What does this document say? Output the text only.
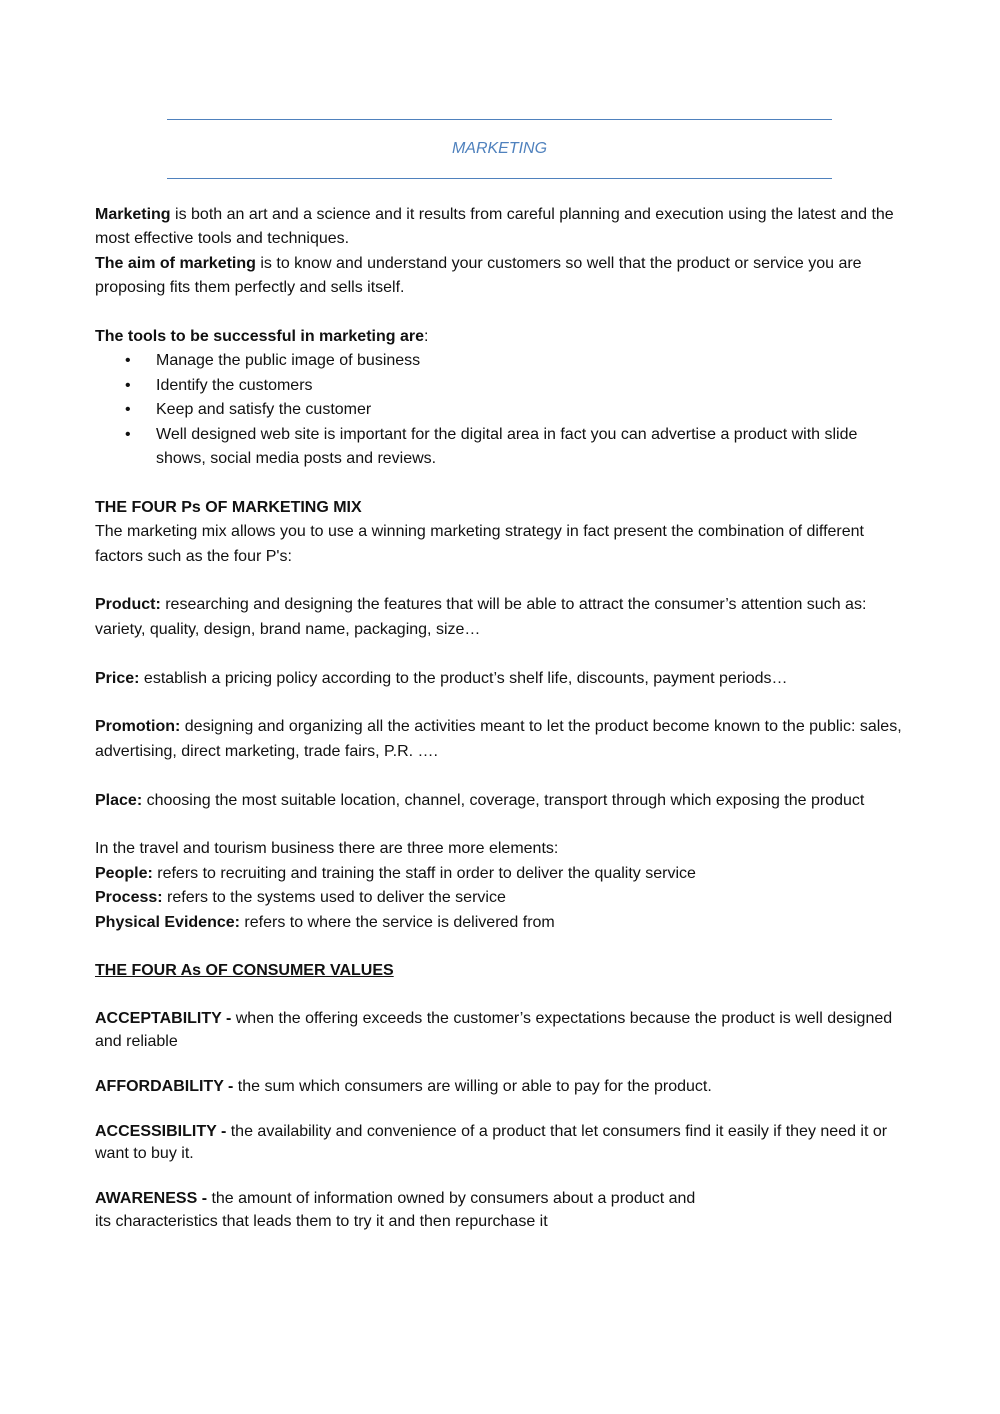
MARKETING

Marketing is both an art and a science and it results from careful planning and execution using the latest and the most effective tools and techniques.

The aim of marketing is to know and understand your customers so well that the product or service you are proposing fits them perfectly and sells itself.

The tools to be successful in marketing are:

• Manage the public image of business
• Identify the customers
• Keep and satisfy the customer
• Well designed web site is important for the digital area in fact you can advertise a product with slide shows, social media posts and reviews.

THE FOUR Ps OF MARKETING MIX

The marketing mix allows you to use a winning marketing strategy in fact present the combination of different factors such as the four P's:

Product: researching and designing the features that will be able to attract the consumer’s attention such as: variety, quality, design, brand name, packaging, size…

Price: establish a pricing policy according to the product’s shelf life, discounts, payment periods…

Promotion: designing and organizing all the activities meant to let the product become known to the public: sales, advertising, direct marketing, trade fairs, P.R. ….

Place: choosing the most suitable location, channel, coverage, transport through which exposing the product

In the travel and tourism business there are three more elements:

People: refers to recruiting and training the staff in order to deliver the quality service

Process: refers to the systems used to deliver the service

Physical Evidence: refers to where the service is delivered from

THE FOUR As OF CONSUMER VALUES

ACCEPTABILITY - when the offering exceeds the customer’s expectations because the product is well designed and reliable

AFFORDABILITY - the sum which consumers are willing or able to pay for the product.

ACCESSIBILITY - the availability and convenience of a product that let consumers find it easily if they need it or want to buy it.

AWARENESS - the amount of information owned by consumers about a product and
its characteristics that leads them to try it and then repurchase it
